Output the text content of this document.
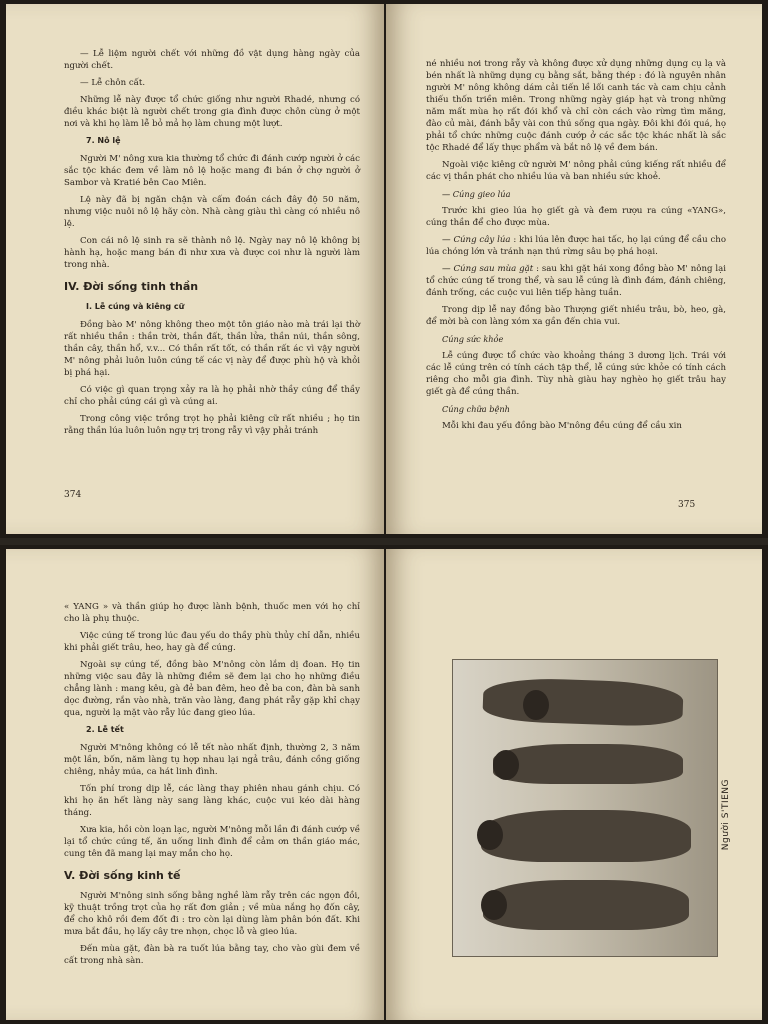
— Lễ liệm người chết với những đồ vật dụng hàng ngày của người chết.

— Lễ chôn cất.

Những lễ này được tổ chức giống như người Rhadé, nhưng có điều khác biệt là người chết trong gia đình được chôn cùng ở một nơi và khi họ làm lễ bỏ mả họ làm chung một lượt.

7. Nô lệ

Người M' nông xưa kia thường tổ chức đi đánh cướp người ở các sắc tộc khác đem về làm nô lệ hoặc mang đi bán ở chợ người ở Sambor và Kratié bên Cao Miên.

Lệ này đã bị ngăn chận và cấm đoán cách đây độ 50 năm, nhưng việc nuôi nô lệ hãy còn. Nhà càng giàu thì càng có nhiều nô lệ.

Con cái nô lệ sinh ra sẽ thành nô lệ. Ngày nay nô lệ không bị hành hạ, hoặc mang bán đi như xưa và được coi như là người làm trong nhà.

IV. Đời sống tinh thần
I. Lễ cúng và kiêng cữ

Đồng bào M' nông không theo một tôn giáo nào mà trái lại thờ rất nhiều thần : thần trời, thần đất, thần lửa, thần núi, thần sông, thần cây, thần hổ, v.v... Có thần rất tốt, có thần rất ác vì vậy người M' nông phải luôn luôn cúng tế các vị này để được phù hộ và khỏi bị phá hại.

Có việc gì quan trọng xảy ra là họ phải nhờ thầy cúng để thầy chỉ cho phải cúng cái gì và cúng ai.

Trong công việc trồng trọt họ phải kiêng cữ rất nhiều ; họ tin rằng thần lúa luôn luôn ngự trị trong rẫy vì vậy phải tránh

374

né nhiều nơi trong rẫy và không được xử dụng những dụng cụ lạ và bén nhất là những dụng cụ bằng sắt, bằng thép : đó là nguyên nhân người M' nông không dám cải tiến lề lối canh tác và cam chịu cảnh thiếu thốn triền miên. Trong những ngày giáp hạt và trong những năm mất mùa họ rất đói khổ và chỉ còn cách vào rừng tìm măng, đào củ mài, đánh bẫy vài con thú sống qua ngày. Đôi khi đói quá, họ phải tổ chức những cuộc đánh cướp ở các sắc tộc khác nhất là sắc tộc Rhadé để lấy thực phẩm và bắt nô lệ về đem bán.

Ngoài việc kiêng cữ người M' nông phải cúng kiếng rất nhiều để các vị thần phát cho nhiều lúa và ban nhiều sức khoẻ.

— Cúng gieo lúa

Trước khi gieo lúa họ giết gà và đem rượu ra cúng «YANG», cúng thần để cho được mùa.

— Cúng cây lúa : khi lúa lên được hai tấc, họ lại cúng để cầu cho lúa chóng lớn và tránh nạn thú rừng sâu bọ phá hoại.

— Cúng sau mùa gặt : sau khi gặt hái xong đồng bào M' nông lại tổ chức cúng tế trong thể, và sau lễ cúng là đình đám, đánh chiêng, đánh trống, các cuộc vui liên tiếp hàng tuần.

Trong dịp lễ nay đồng bào Thượng giết nhiều trâu, bò, heo, gà, để mời bà con làng xóm xa gần đến chia vui.

Cúng sức khỏe

Lễ cúng được tổ chức vào khoảng tháng 3 dương lịch. Trái với các lễ cúng trên có tính cách tập thể, lễ cúng sức khỏe có tính cách riêng cho mỗi gia đình. Tùy nhà giàu hay nghèo họ giết trâu hay giết gà để cúng thần.

Cúng chữa bệnh

Mỗi khi đau yếu đồng bào M'nông đều cúng để cầu xin

375

« YANG » và thần giúp họ được lành bệnh, thuốc men với họ chỉ cho là phụ thuộc.

Việc cúng tế trong lúc đau yếu do thầy phù thủy chỉ dẫn, nhiều khi phải giết trâu, heo, hay gà để cúng.

Ngoài sự cúng tế, đồng bào M'nông còn lắm dị đoan. Họ tin những việc sau đây là những điềm sẽ đem lại cho họ những điều chẳng lành : mang kêu, gà đẻ ban đêm, heo đẻ ba con, đàn bà sanh dọc đường, rắn vào nhà, trăn vào làng, đang phát rẫy gặp khỉ chạy qua, người lạ mặt vào rẫy lúc đang gieo lúa.

2. Lễ tết

Người M'nông không có lễ tết nào nhất định, thường 2, 3 năm một lần, bốn, năm làng tụ hợp nhau lại ngả trâu, đánh cồng giống chiêng, nhảy múa, ca hát linh đình.

Tốn phí trong dịp lễ, các làng thay phiên nhau gánh chịu. Có khi họ ăn hết làng này sang làng khác, cuộc vui kéo dài hàng tháng.

Xưa kia, hồi còn loạn lạc, người M'nông mỗi lần đi đánh cướp về lại tổ chức cúng tế, ăn uống linh đình để cảm ơn thần giáo mác, cung tên đã mang lại may mắn cho họ.

V. Đời sống kinh tế

Người M'nông sinh sống bằng nghề làm rẫy trên các ngọn đồi, kỹ thuật trồng trọt của họ rất đơn giản ; về mùa nắng họ đốn cây, để cho khô rồi đem đốt đi : tro còn lại dùng làm phân bón đất. Khi mưa bắt đầu, họ lấy cây tre nhọn, chọc lỗ và gieo lúa.

Đến mùa gặt, đàn bà ra tuốt lúa bằng tay, cho vào gùi đem về cất trong nhà sàn.

Người S'TIENG
